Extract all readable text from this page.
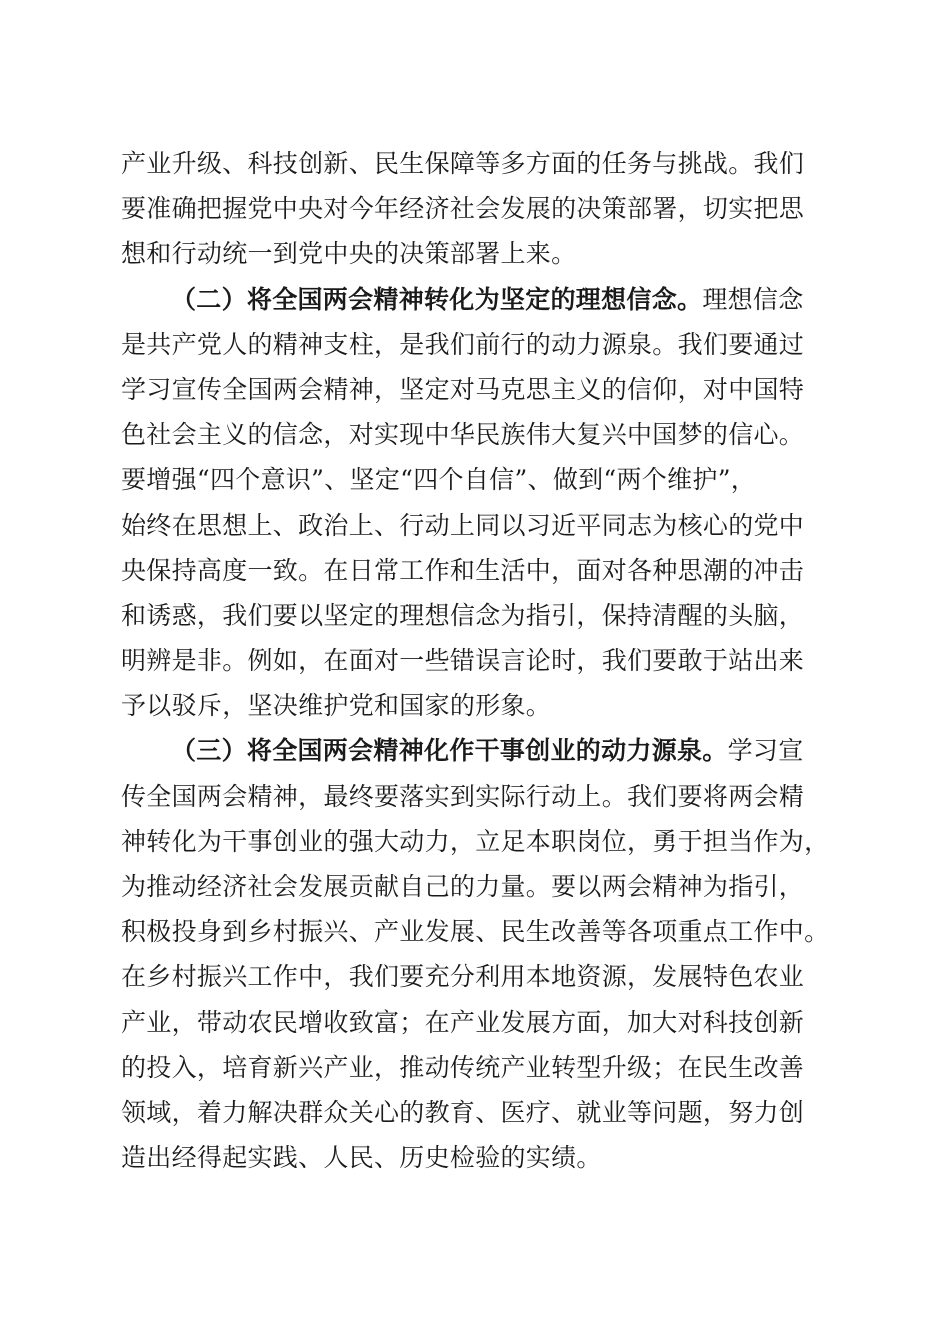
产业升级、科技创新、民生保障等多方面的任务与挑战。我们
要准确把握党中央对今年经济社会发展的决策部署，切实把思
想和行动统一到党中央的决策部署上来。
（二）将全国两会精神转化为坚定的理想信念。理想信念
是共产党人的精神支柱，是我们前行的动力源泉。我们要通过
学习宣传全国两会精神，坚定对马克思主义的信仰，对中国特
色社会主义的信念，对实现中华民族伟大复兴中国梦的信心。
要增强“四个意识”、坚定“四个自信”、做到“两个维护”，
始终在思想上、政治上、行动上同以习近平同志为核心的党中
央保持高度一致。在日常工作和生活中，面对各种思潮的冲击
和诱惑，我们要以坚定的理想信念为指引，保持清醒的头脑，
明辨是非。例如，在面对一些错误言论时，我们要敢于站出来
予以驳斥，坚决维护党和国家的形象。
（三）将全国两会精神化作干事创业的动力源泉。学习宣
传全国两会精神，最终要落实到实际行动上。我们要将两会精
神转化为干事创业的强大动力，立足本职岗位，勇于担当作为，
为推动经济社会发展贡献自己的力量。要以两会精神为指引，
积极投身到乡村振兴、产业发展、民生改善等各项重点工作中。
在乡村振兴工作中，我们要充分利用本地资源，发展特色农业
产业，带动农民增收致富；在产业发展方面，加大对科技创新
的投入，培育新兴产业，推动传统产业转型升级；在民生改善
领域，着力解决群众关心的教育、医疗、就业等问题，努力创
造出经得起实践、人民、历史检验的实绩。
